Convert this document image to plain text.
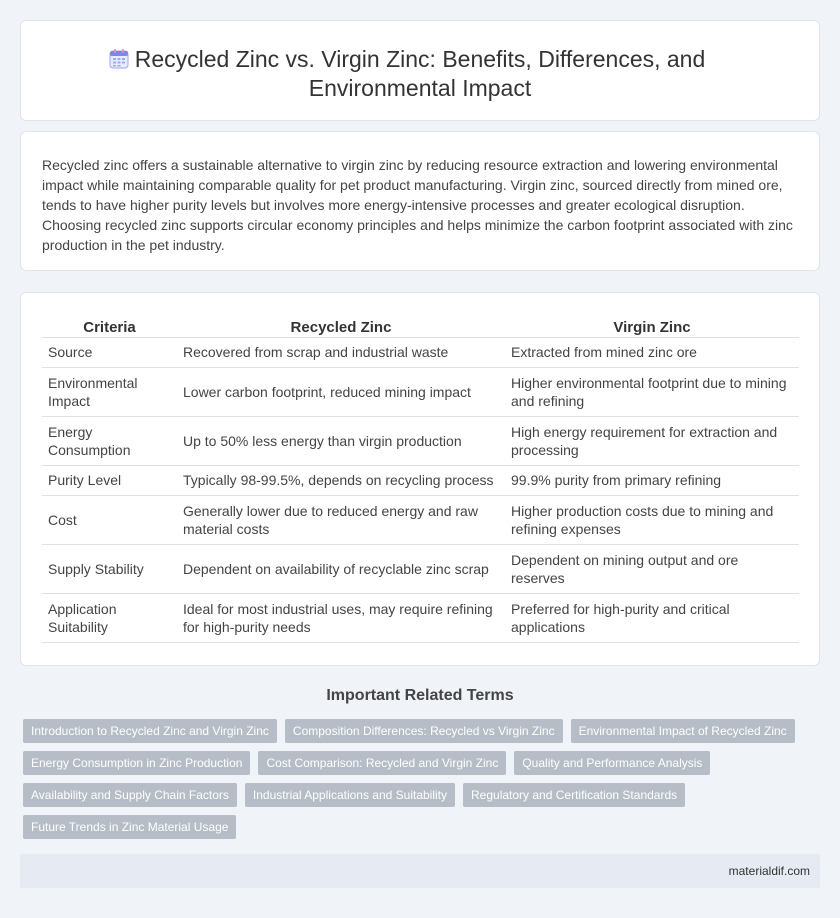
Recycled Zinc vs. Virgin Zinc: Benefits, Differences, and Environmental Impact

Recycled zinc offers a sustainable alternative to virgin zinc by reducing resource extraction and lowering environmental impact while maintaining comparable quality for pet product manufacturing. Virgin zinc, sourced directly from mined ore, tends to have higher purity levels but involves more energy-intensive processes and greater ecological disruption. Choosing recycled zinc supports circular economy principles and helps minimize the carbon footprint associated with zinc production in the pet industry.

Criteria	Recycled Zinc	Virgin Zinc
Source	Recovered from scrap and industrial waste	Extracted from mined zinc ore
Environmental Impact	Lower carbon footprint, reduced mining impact	Higher environmental footprint due to mining and refining
Energy Consumption	Up to 50% less energy than virgin production	High energy requirement for extraction and processing
Purity Level	Typically 98-99.5%, depends on recycling process	99.9% purity from primary refining
Cost	Generally lower due to reduced energy and raw material costs	Higher production costs due to mining and refining expenses
Supply Stability	Dependent on availability of recyclable zinc scrap	Dependent on mining output and ore reserves
Application Suitability	Ideal for most industrial uses, may require refining for high-purity needs	Preferred for high-purity and critical applications
Important Related Terms
Introduction to Recycled Zinc and Virgin Zinc	Composition Differences: Recycled vs Virgin Zinc	Environmental Impact of Recycled Zinc
Energy Consumption in Zinc Production	Cost Comparison: Recycled and Virgin Zinc	Quality and Performance Analysis
Availability and Supply Chain Factors	Industrial Applications and Suitability	Regulatory and Certification Standards
Future Trends in Zinc Material Usage
materialdif.com
